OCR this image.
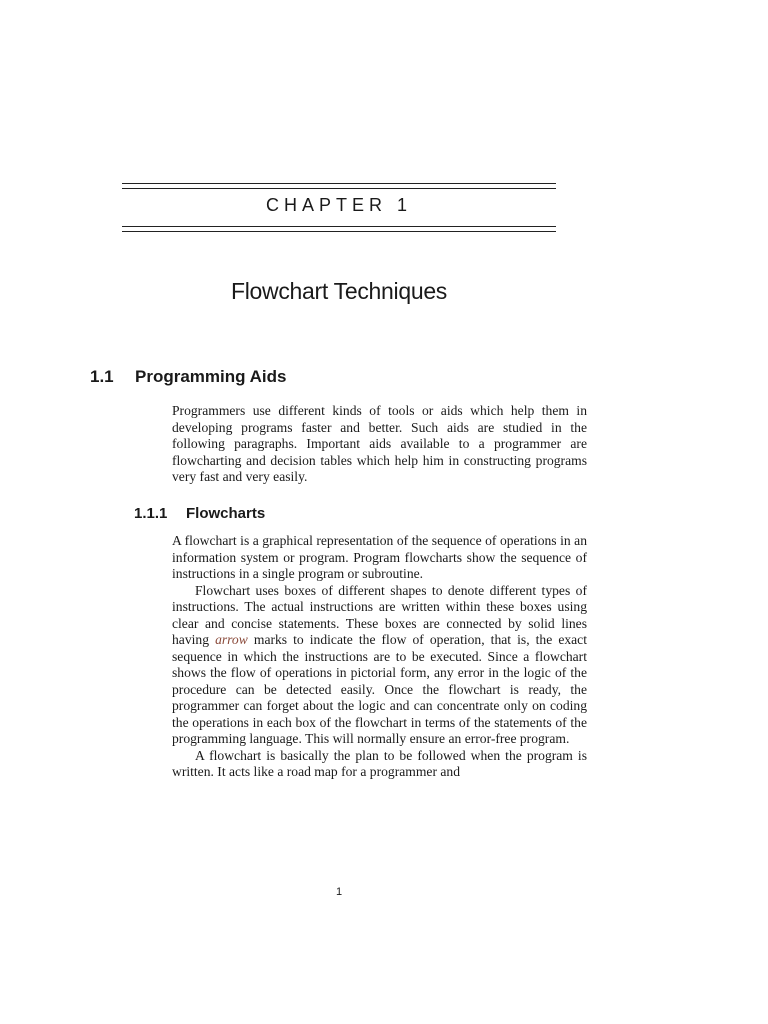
CHAPTER 1
Flowchart Techniques
1.1 Programming Aids

Programmers use different kinds of tools or aids which help them in developing programs faster and better. Such aids are studied in the following paragraphs. Important aids available to a programmer are flowcharting and decision tables which help him in constructing programs very fast and very easily.

1.1.1 Flowcharts

A flowchart is a graphical representation of the sequence of operations in an information system or program. Program flowcharts show the sequence of instructions in a single program or subroutine.

Flowchart uses boxes of different shapes to denote different types of instructions. The actual instructions are written within these boxes using clear and concise statements. These boxes are connected by solid lines having arrow marks to indicate the flow of operation, that is, the exact sequence in which the instructions are to be executed. Since a flowchart shows the flow of operations in pictorial form, any error in the logic of the procedure can be detected easily. Once the flowchart is ready, the programmer can forget about the logic and can concentrate only on coding the operations in each box of the flowchart in terms of the statements of the programming language. This will normally ensure an error-free program.

A flowchart is basically the plan to be followed when the program is written. It acts like a road map for a programmer and

1
